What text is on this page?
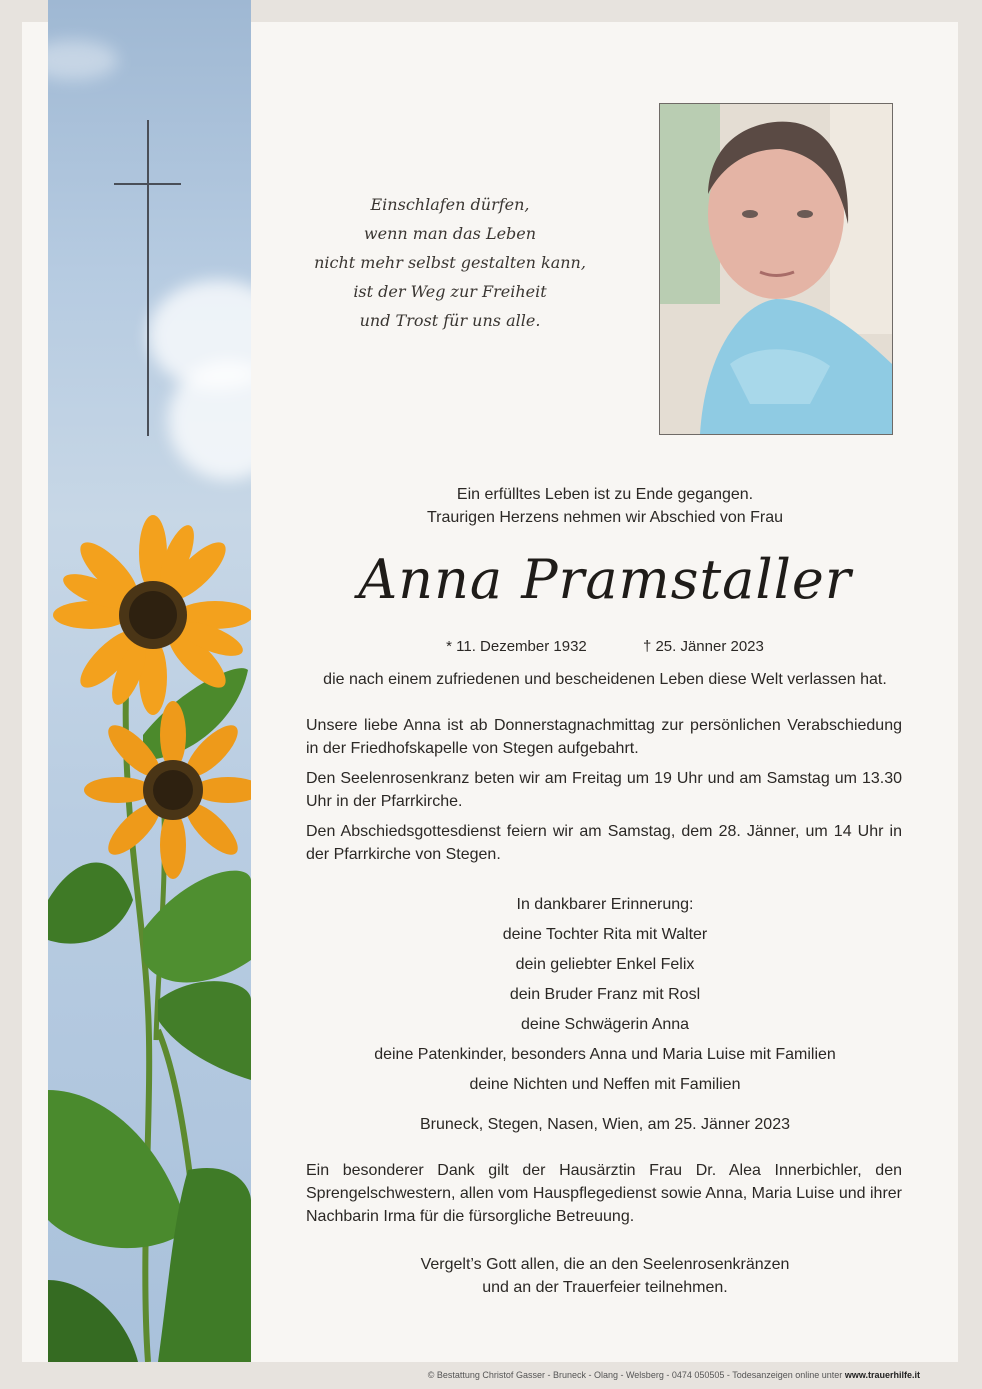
Einschlafen dürfen,
wenn man das Leben
nicht mehr selbst gestalten kann,
ist der Weg zur Freiheit
und Trost für uns alle.
Ein erfülltes Leben ist zu Ende gegangen.
Traurigen Herzens nehmen wir Abschied von Frau
Anna Pramstaller
* 11. Dezember 1932	† 25. Jänner 2023
die nach einem zufriedenen und bescheidenen Leben diese Welt verlassen hat.
Unsere liebe Anna ist ab Donnerstagnachmittag zur persönlichen Verabschiedung in der Friedhofskapelle von Stegen aufgebahrt.
Den Seelenrosenkranz beten wir am Freitag um 19 Uhr und am Samstag um 13.30 Uhr in der Pfarrkirche.
Den Abschiedsgottesdienst feiern wir am Samstag, dem 28. Jänner, um 14 Uhr in der Pfarrkirche von Stegen.
In dankbarer Erinnerung:
deine Tochter Rita mit Walter
dein geliebter Enkel Felix
dein Bruder Franz mit Rosl
deine Schwägerin Anna
deine Patenkinder, besonders Anna und Maria Luise mit Familien
deine Nichten und Neffen mit Familien
Bruneck, Stegen, Nasen, Wien, am 25. Jänner 2023
Ein besonderer Dank gilt der Hausärztin Frau Dr. Alea Innerbichler, den Sprengelschwestern, allen vom Hauspflegedienst sowie Anna, Maria Luise und ihrer Nachbarin Irma für die fürsorgliche Betreuung.
Vergelt’s Gott allen, die an den Seelenrosenkränzen
und an der Trauerfeier teilnehmen.
© Bestattung Christof Gasser - Bruneck - Olang - Welsberg - 0474 050505 - Todesanzeigen online unter www.trauerhilfe.it
